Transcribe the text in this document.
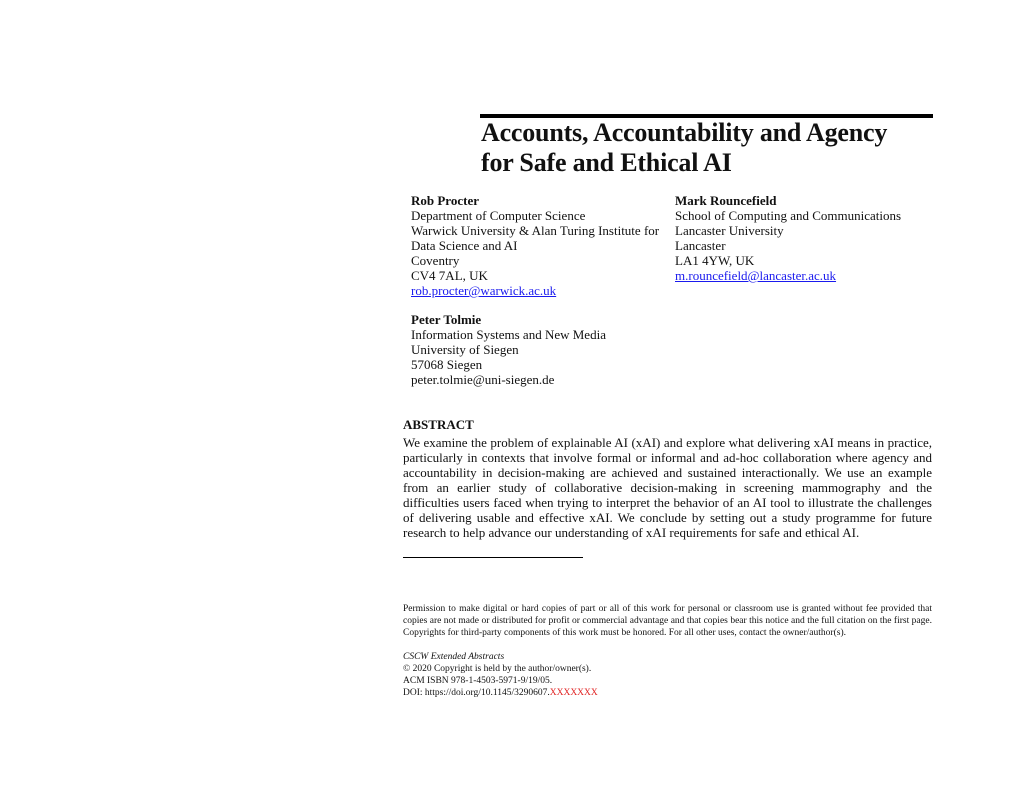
Accounts, Accountability and Agency
for Safe and Ethical AI
Rob Procter
Department of Computer Science
Warwick University & Alan Turing Institute for Data Science and AI
Coventry
CV4 7AL, UK
rob.procter@warwick.ac.uk
Mark Rouncefield
School of Computing and Communications
Lancaster University
Lancaster
LA1 4YW, UK
m.rouncefield@lancaster.ac.uk
Peter Tolmie
Information Systems and New Media
University of Siegen
57068 Siegen
peter.tolmie@uni-siegen.de
ABSTRACT

We examine the problem of explainable AI (xAI) and explore what delivering xAI means in practice, particularly in contexts that involve formal or informal and ad-hoc collaboration where agency and accountability in decision-making are achieved and sustained interactionally. We use an example from an earlier study of collaborative decision-making in screening mammography and the difficulties users faced when trying to interpret the behavior of an AI tool to illustrate the challenges of delivering usable and effective xAI. We conclude by setting out a study programme for future research to help advance our understanding of xAI requirements for safe and ethical AI.

Permission to make digital or hard copies of part or all of this work for personal or classroom use is granted without fee provided that copies are not made or distributed for profit or commercial advantage and that copies bear this notice and the full citation on the first page. Copyrights for third-party components of this work must be honored. For all other uses, contact the owner/author(s).

CSCW Extended Abstracts
© 2020 Copyright is held by the author/owner(s).
ACM ISBN 978-1-4503-5971-9/19/05.
DOI: https://doi.org/10.1145/3290607.XXXXXXX
